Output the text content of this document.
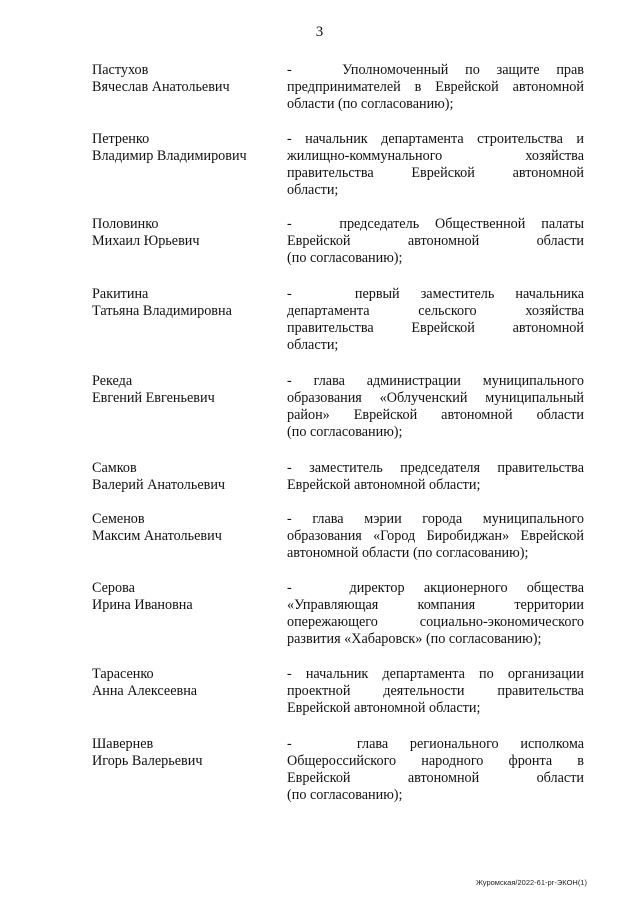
3
Пастухов
Вячеслав Анатольевич
-   Уполномоченный по защите прав
предпринимателей в Еврейской автономной
области (по согласованию);
Петренко
Владимир Владимирович
- начальник департамента строительства и
жилищно-коммунального хозяйства
правительства Еврейской автономной
области;
Половинко
Михаил Юрьевич
-   председатель Общественной палаты
Еврейской автономной области
(по согласованию);
Ракитина
Татьяна Владимировна
-   первый заместитель начальника
департамента сельского хозяйства
правительства Еврейской автономной
области;
Рекеда
Евгений Евгеньевич
- глава администрации муниципального
образования «Облученский муниципальный
район» Еврейской автономной области
(по согласованию);
Самков
Валерий Анатольевич
- заместитель председателя правительства
Еврейской автономной области;
Семенов
Максим Анатольевич
- глава мэрии города муниципального
образования «Город Биробиджан» Еврейской
автономной области (по согласованию);
Серова
Ирина Ивановна
-   директор акционерного общества
«Управляющая компания территории
опережающего социально-экономического
развития «Хабаровск» (по согласованию);
Тарасенко
Анна Алексеевна
- начальник департамента по организации
проектной деятельности правительства
Еврейской автономной области;
Шавернев
Игорь Валерьевич
-   глава регионального исполкома
Общероссийского народного фронта в
Еврейской автономной области
(по согласованию);
Журомская/2022-61-рг-ЭКОН(1)
